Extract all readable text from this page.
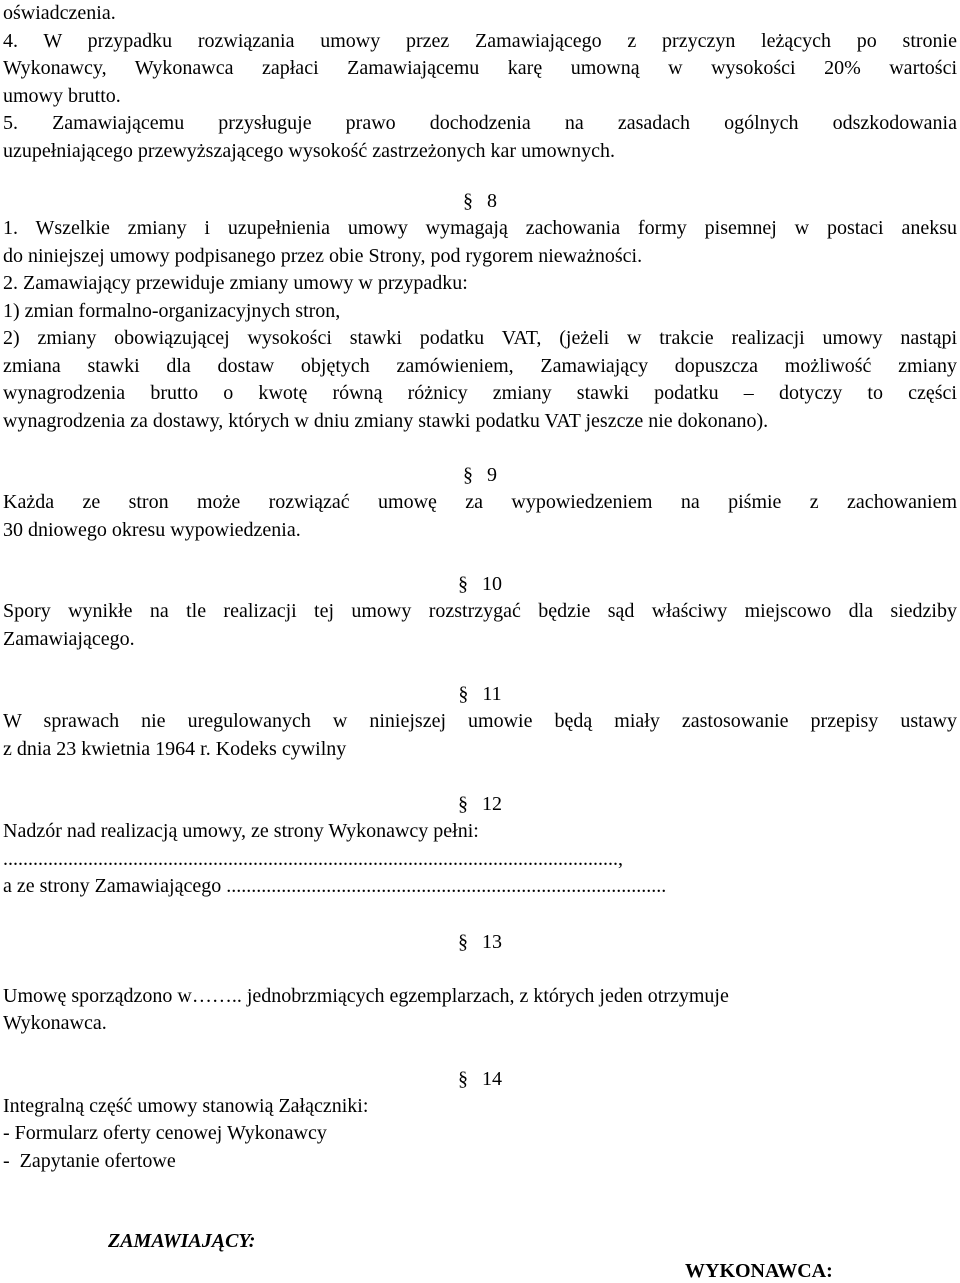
oświadczenia.
4. W przypadku rozwiązania umowy przez Zamawiającego z przyczyn leżących po stronie
Wykonawcy, Wykonawca zapłaci Zamawiającemu karę umowną w wysokości 20% wartości
umowy brutto.
5. Zamawiającemu przysługuje prawo dochodzenia na zasadach ogólnych odszkodowania
uzupełniającego przewyższającego wysokość zastrzeżonych kar umownych.
§ 8
1. Wszelkie zmiany i uzupełnienia umowy wymagają zachowania formy pisemnej w postaci aneksu
do niniejszej umowy podpisanego przez obie Strony, pod rygorem nieważności.
2. Zamawiający przewiduje zmiany umowy w przypadku:
1) zmian formalno-organizacyjnych stron,
2) zmiany obowiązującej wysokości stawki podatku VAT, (jeżeli w trakcie realizacji umowy nastąpi
zmiana stawki dla dostaw objętych zamówieniem, Zamawiający dopuszcza możliwość zmiany
wynagrodzenia brutto o kwotę równą różnicy zmiany stawki podatku – dotyczy to części
wynagrodzenia za dostawy, których w dniu zmiany stawki podatku VAT jeszcze nie dokonano).
§ 9
Każda ze stron może rozwiązać umowę za wypowiedzeniem na piśmie z zachowaniem
30 dniowego okresu wypowiedzenia.
§ 10
Spory wynikłe na tle realizacji tej umowy rozstrzygać będzie sąd właściwy miejscowo dla siedziby
Zamawiającego.
§ 11
W sprawach nie uregulowanych w niniejszej umowie będą miały zastosowanie przepisy ustawy
z dnia 23 kwietnia 1964 r. Kodeks cywilny
§ 12
Nadzór nad realizacją umowy, ze strony Wykonawcy pełni:
...........................................................................................................................,
a ze strony Zamawiającego ........................................................................................
§ 13
Umowę sporządzono w…….. jednobrzmiących egzemplarzach, z których jeden otrzymuje
Wykonawca.
§ 14
Integralną część umowy stanowią Załączniki:
- Formularz oferty cenowej Wykonawcy
-  Zapytanie ofertowe
ZAMAWIAJĄCY:
WYKONAWCA:
